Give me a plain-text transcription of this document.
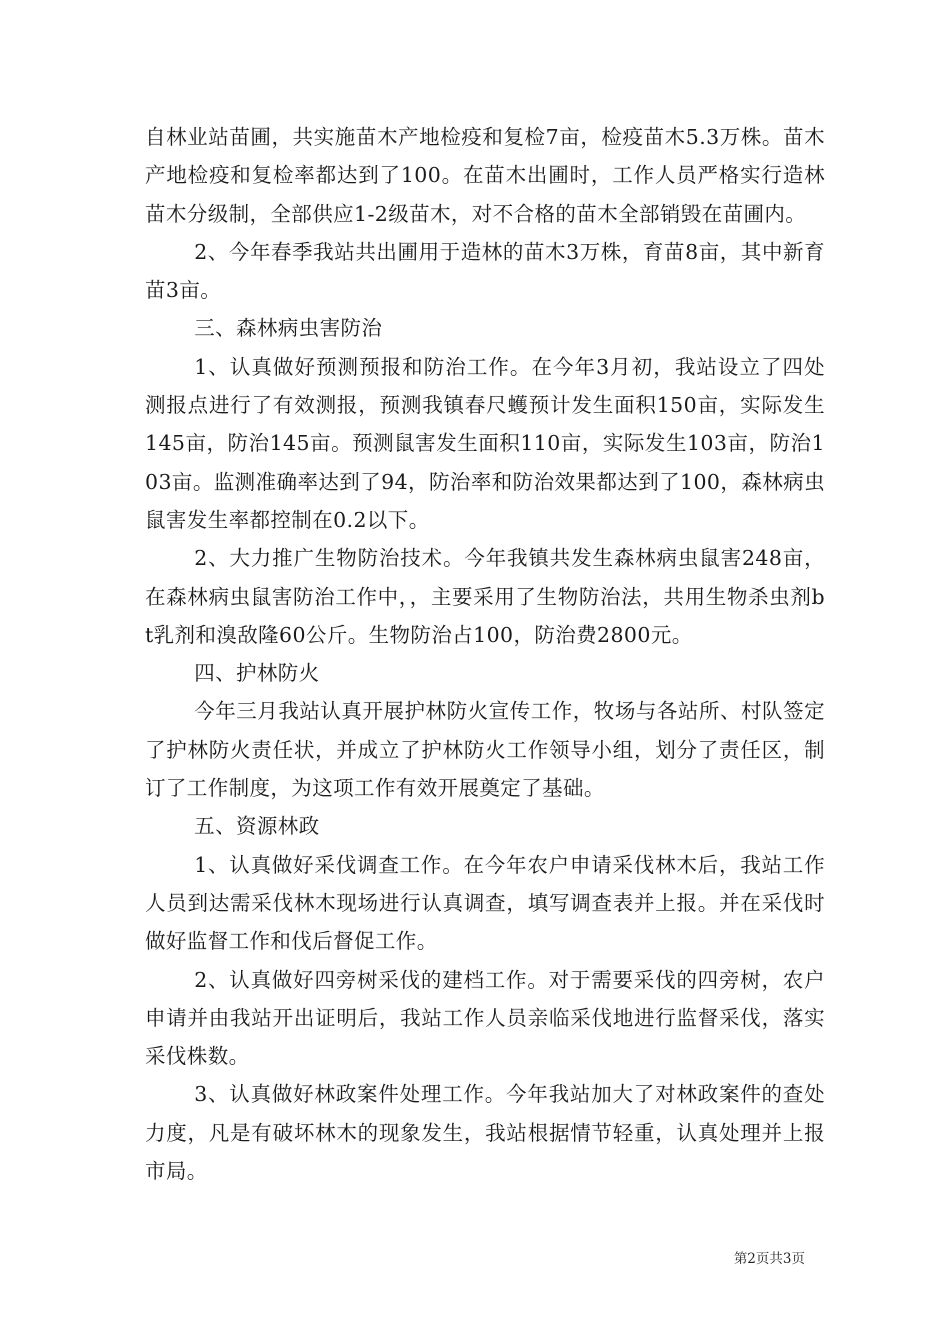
自林业站苗圃，共实施苗木产地检疫和复检7亩，检疫苗木5.3万株。苗木产地检疫和复检率都达到了100。在苗木出圃时，工作人员严格实行造林苗木分级制，全部供应1-2级苗木，对不合格的苗木全部销毁在苗圃内。

2、今年春季我站共出圃用于造林的苗木3万株，育苗8亩，其中新育苗3亩。

三、森林病虫害防治

1、认真做好预测预报和防治工作。在今年3月初，我站设立了四处测报点进行了有效测报，预测我镇春尺蠖预计发生面积150亩，实际发生145亩，防治145亩。预测鼠害发生面积110亩，实际发生103亩，防治103亩。监测准确率达到了94，防治率和防治效果都达到了100，森林病虫鼠害发生率都控制在0.2以下。

2、大力推广生物防治技术。今年我镇共发生森林病虫鼠害248亩，在森林病虫鼠害防治工作中，，主要采用了生物防治法，共用生物杀虫剂bt乳剂和溴敌隆60公斤。生物防治占100，防治费2800元。

四、护林防火

今年三月我站认真开展护林防火宣传工作，牧场与各站所、村队签定了护林防火责任状，并成立了护林防火工作领导小组，划分了责任区，制订了工作制度，为这项工作有效开展奠定了基础。

五、资源林政

1、认真做好采伐调查工作。在今年农户申请采伐林木后，我站工作人员到达需采伐林木现场进行认真调查，填写调查表并上报。并在采伐时做好监督工作和伐后督促工作。

2、认真做好四旁树采伐的建档工作。对于需要采伐的四旁树，农户申请并由我站开出证明后，我站工作人员亲临采伐地进行监督采伐，落实采伐株数。

3、认真做好林政案件处理工作。今年我站加大了对林政案件的查处力度，凡是有破坏林木的现象发生，我站根据情节轻重，认真处理并上报市局。

第2页共3页
